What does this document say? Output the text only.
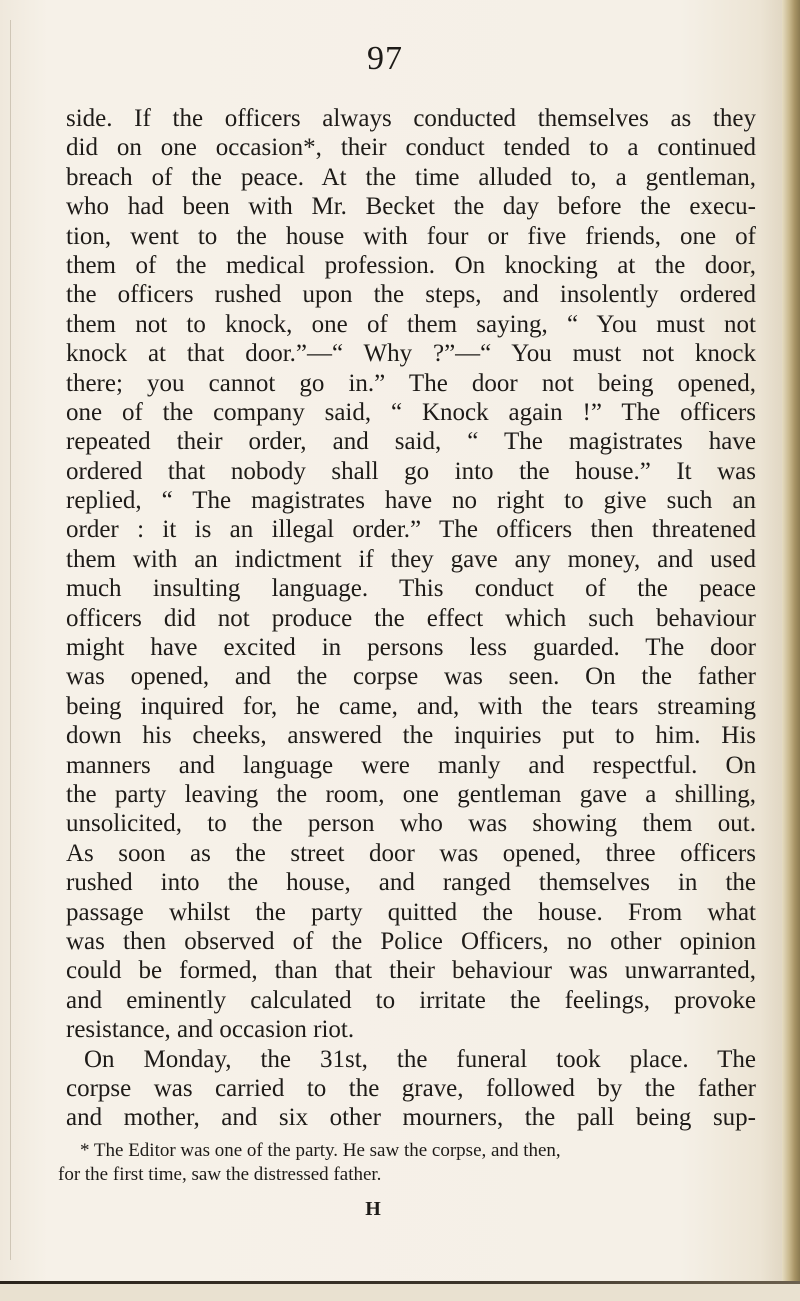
97
side. If the officers always conducted themselves as they
did on one occasion*, their conduct tended to a continued
breach of the peace. At the time alluded to, a gentleman,
who had been with Mr. Becket the day before the execu-
tion, went to the house with four or five friends, one of
them of the medical profession. On knocking at the door,
the officers rushed upon the steps, and insolently ordered
them not to knock, one of them saying, “ You must not
knock at that door.”—“ Why ?”—“ You must not knock
there; you cannot go in.” The door not being opened,
one of the company said, “ Knock again !” The officers
repeated their order, and said, “ The magistrates have
ordered that nobody shall go into the house.” It was
replied, “ The magistrates have no right to give such an
order : it is an illegal order.” The officers then threatened
them with an indictment if they gave any money, and used
much insulting language. This conduct of the peace
officers did not produce the effect which such behaviour
might have excited in persons less guarded. The door
was opened, and the corpse was seen. On the father
being inquired for, he came, and, with the tears streaming
down his cheeks, answered the inquiries put to him. His
manners and language were manly and respectful. On
the party leaving the room, one gentleman gave a shilling,
unsolicited, to the person who was showing them out.
As soon as the street door was opened, three officers
rushed into the house, and ranged themselves in the
passage whilst the party quitted the house. From what
was then observed of the Police Officers, no other opinion
could be formed, than that their behaviour was unwarranted,
and eminently calculated to irritate the feelings, provoke
resistance, and occasion riot.
On Monday, the 31st, the funeral took place. The
corpse was carried to the grave, followed by the father
and mother, and six other mourners, the pall being sup-
* The Editor was one of the party. He saw the corpse, and then,
for the first time, saw the distressed father.
H
